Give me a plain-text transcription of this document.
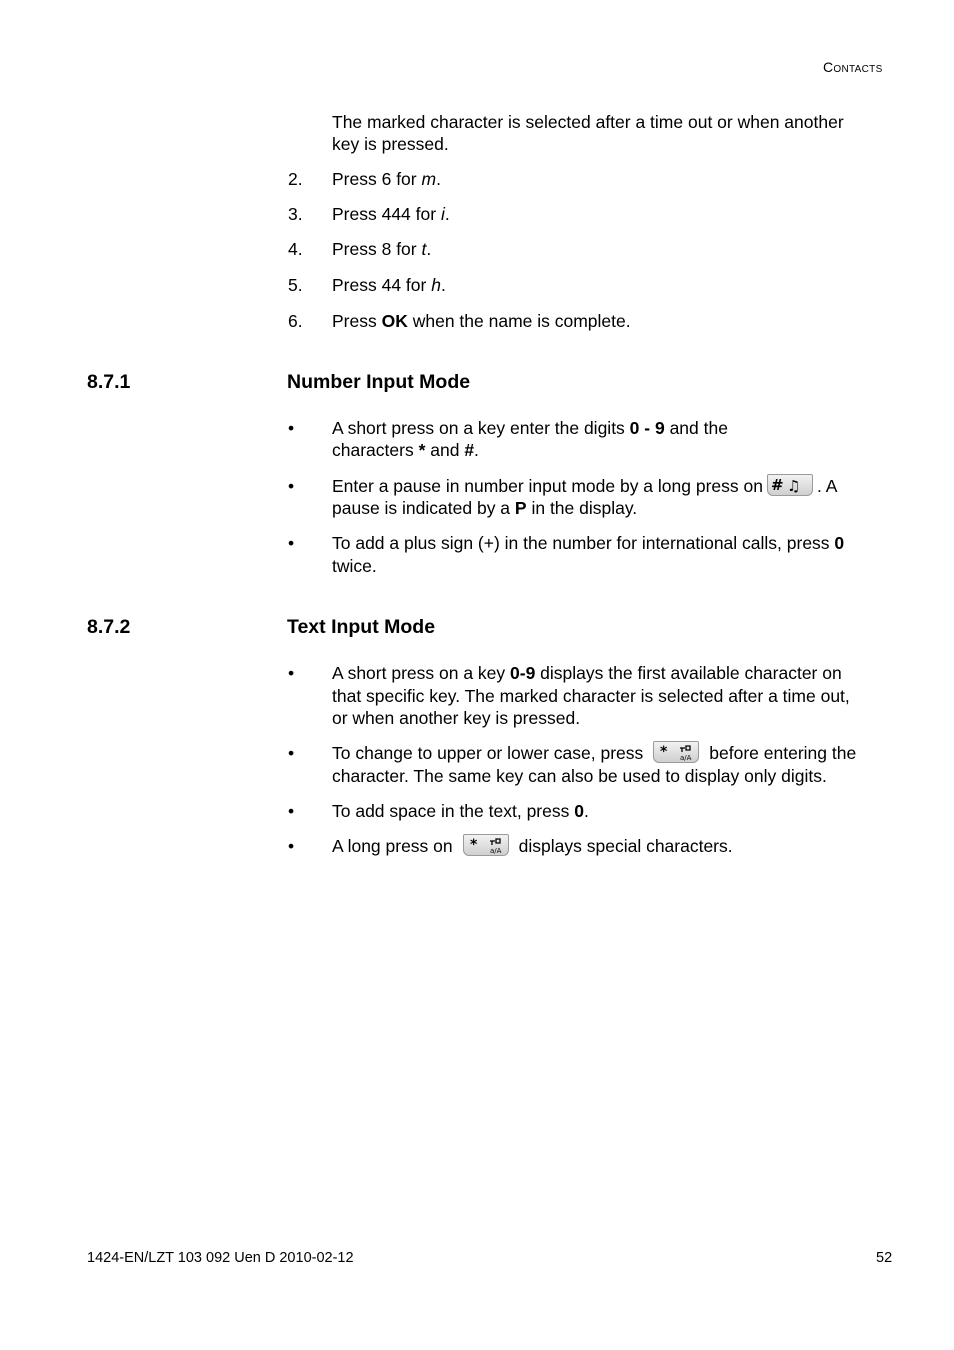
Contacts
The marked character is selected after a time out or when another
key is pressed.
2. Press 6 for m.
3. Press 444 for i.
4. Press 8 for t.
5. Press 44 for h.
6. Press OK when the name is complete.
8.7.1	Number Input Mode
• A short press on a key enter the digits 0 - 9 and the
characters * and #.
• Enter a pause in number input mode by a long press on # ♫ . A
pause is indicated by a P in the display.
• To add a plus sign (+) in the number for international calls, press 0
twice.
8.7.2	Text Input Mode
• A short press on a key 0-9 displays the first available character on
that specific key. The marked character is selected after a time out,
or when another key is pressed.
• To change to upper or lower case, press * a/A before entering the
character. The same key can also be used to display only digits.
• To add space in the text, press 0.
• A long press on * a/A displays special characters.
1424-EN/LZT 103 092 Uen D 2010-02-12	52
